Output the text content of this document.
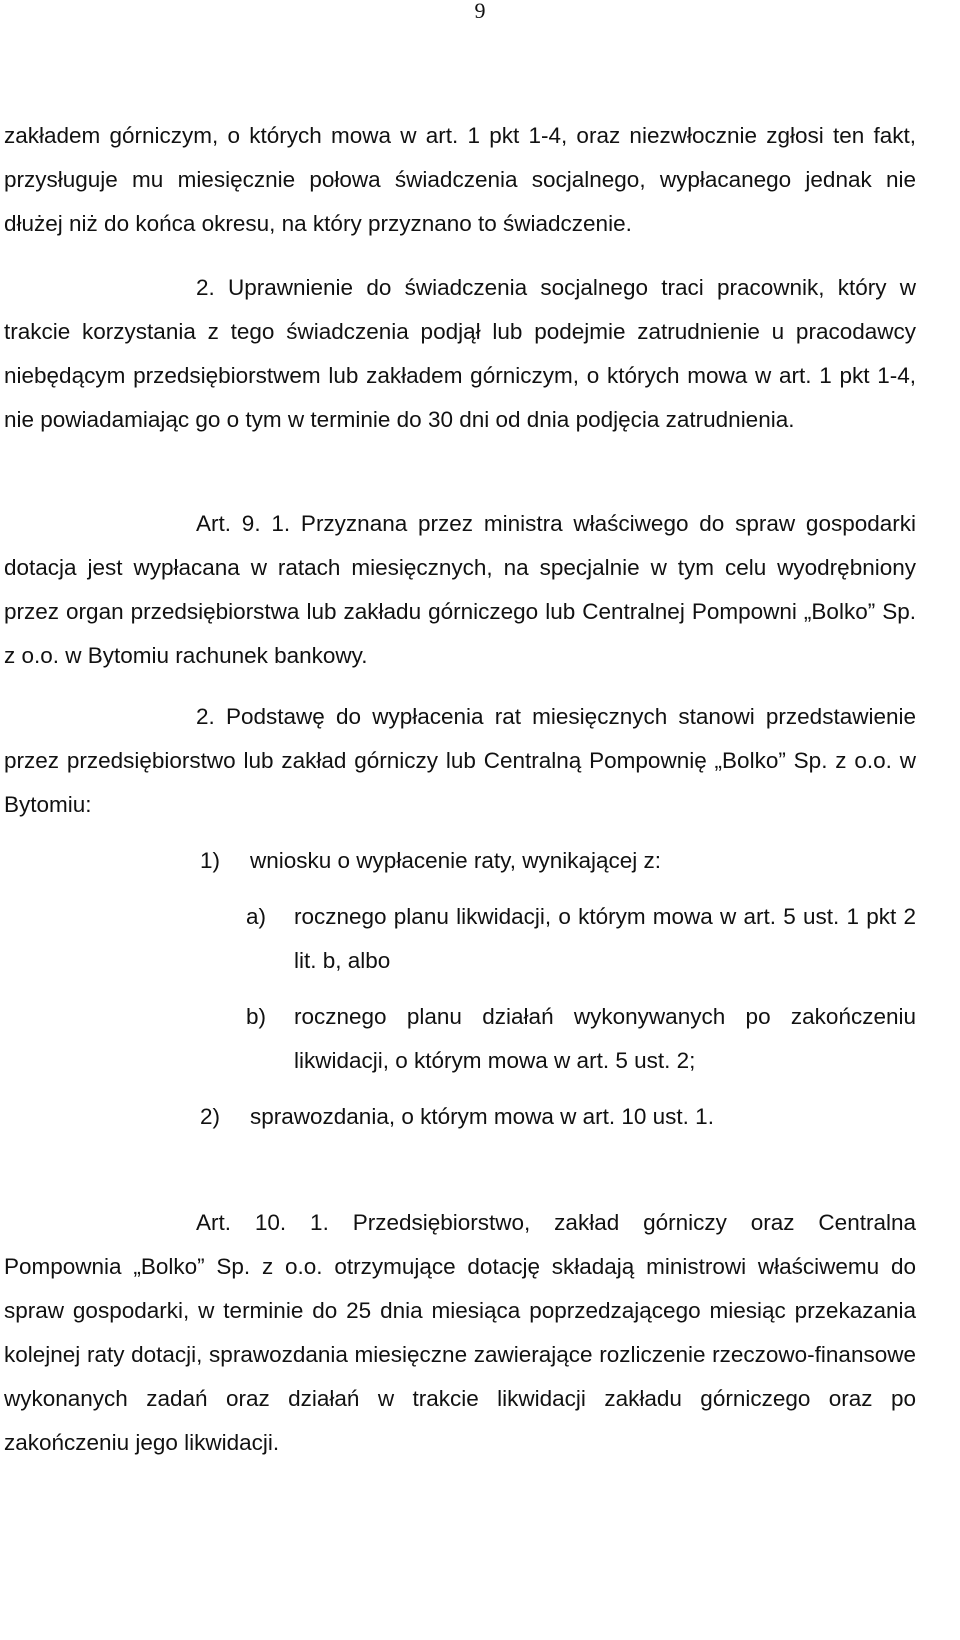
9

zakładem górniczym, o których mowa w art. 1 pkt 1-4, oraz niezwłocznie zgłosi ten fakt, przysługuje mu miesięcznie połowa świadczenia socjalnego, wypłacanego jednak nie dłużej niż do końca okresu, na który przyznano to świadczenie.

2. Uprawnienie do świadczenia socjalnego traci pracownik, który w trakcie korzystania z tego świadczenia podjął lub podejmie zatrudnienie u pracodawcy niebędącym przedsiębiorstwem lub zakładem górniczym, o których mowa w art. 1 pkt 1-4, nie powiadamiając go o tym w terminie do 30 dni od dnia podjęcia zatrudnienia.

Art. 9. 1. Przyznana przez ministra właściwego do spraw gospodarki dotacja jest wypłacana w ratach miesięcznych, na specjalnie w tym celu wyodrębniony przez organ przedsiębiorstwa lub zakładu górniczego lub Centralnej Pompowni „Bolko” Sp. z o.o. w Bytomiu rachunek bankowy.

2. Podstawę do wypłacenia rat miesięcznych stanowi przedstawienie przez przedsiębiorstwo lub zakład górniczy lub Centralną Pompownię „Bolko” Sp. z o.o. w Bytomiu:

1) wniosku o wypłacenie raty, wynikającej z:
a) rocznego planu likwidacji, o którym mowa w art. 5 ust. 1 pkt 2 lit. b, albo
b) rocznego planu działań wykonywanych po zakończeniu likwidacji, o którym mowa w art. 5 ust. 2;
2) sprawozdania, o którym mowa w art. 10 ust. 1.

Art. 10. 1. Przedsiębiorstwo, zakład górniczy oraz Centralna Pompownia „Bolko” Sp. z o.o. otrzymujące dotację składają ministrowi właściwemu do spraw gospodarki, w terminie do 25 dnia miesiąca poprzedzającego miesiąc przekazania kolejnej raty dotacji, sprawozdania miesięczne zawierające rozliczenie rzeczowo-finansowe wykonanych zadań oraz działań w trakcie likwidacji zakładu górniczego oraz po zakończeniu jego likwidacji.
